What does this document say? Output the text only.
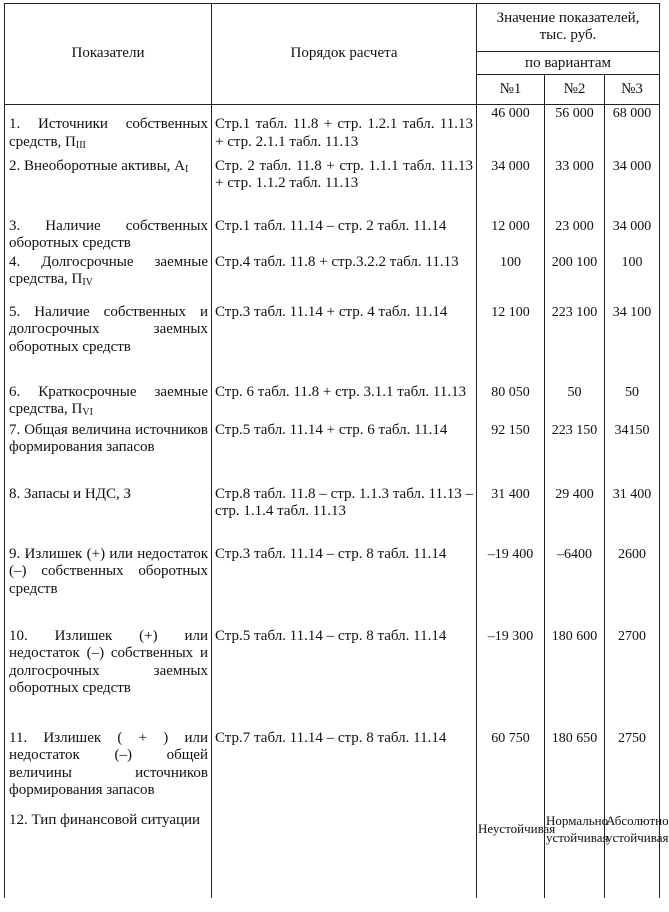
Показатели	Порядок расчета	Значение показателей,
тыс. руб.		
		по вариантам		
		№1	№2	№3
1. Источники собственных средств, $П_{III}$	Стр.1 табл. 11.8 + стр. 1.2.1 табл. 11.13 + стр. 2.1.1 табл. 11.13	46 000	56 000	68 000
2. Внеоборотные активы, $А_I$	Стр. 2 табл. 11.8 + стр. 1.1.1 табл. 11.13 + стр. 1.1.2 табл. 11.13	34 000	33 000	34 000
3. Наличие собственных оборотных средств	Стр.1 табл. 11.14 – стр. 2 табл. 11.14	12 000	23 000	34 000
4. Долгосрочные заемные средства, $П_{IV}$	Стр.4 табл. 11.8 + стр.3.2.2 табл. 11.13	100	200 100	100
5. Наличие собственных и долгосрочных заемных оборотных средств	Стр.3 табл. 11.14 + стр. 4 табл. 11.14	12 100	223 100	34 100
6. Краткосрочные заемные средства, $П_{VI}$	Стр. 6 табл. 11.8 + стр. 3.1.1 табл. 11.13	80 050	50	50
7. Общая величина источников формирования запасов	Стр.5 табл. 11.14 + стр. 6 табл. 11.14	92 150	223 150	34150
8. Запасы и НДС, З	Стр.8 табл. 11.8 – стр. 1.1.3 табл. 11.13 – стр. 1.1.4 табл. 11.13	31 400	29 400	31 400
9. Излишек (+) или недостаток (–) собственных оборотных средств	Стр.3 табл. 11.14 – стр. 8 табл. 11.14	–19 400	–6400	2600
10. Излишек (+) или недостаток (–) собственных и долгосрочных заемных оборотных средств	Стр.5 табл. 11.14 – стр. 8 табл. 11.14	–19 300	180 600	2700
11. Излишек ( + ) или недостаток (–) общей величины источников формирования запасов	Стр.7 табл. 11.14 – стр. 8 табл. 11.14	60 750	180 650	2750
12. Тип финансовой ситуации		Неустойчивая	Нормально устойчивая	Абсолютно устойчивая
